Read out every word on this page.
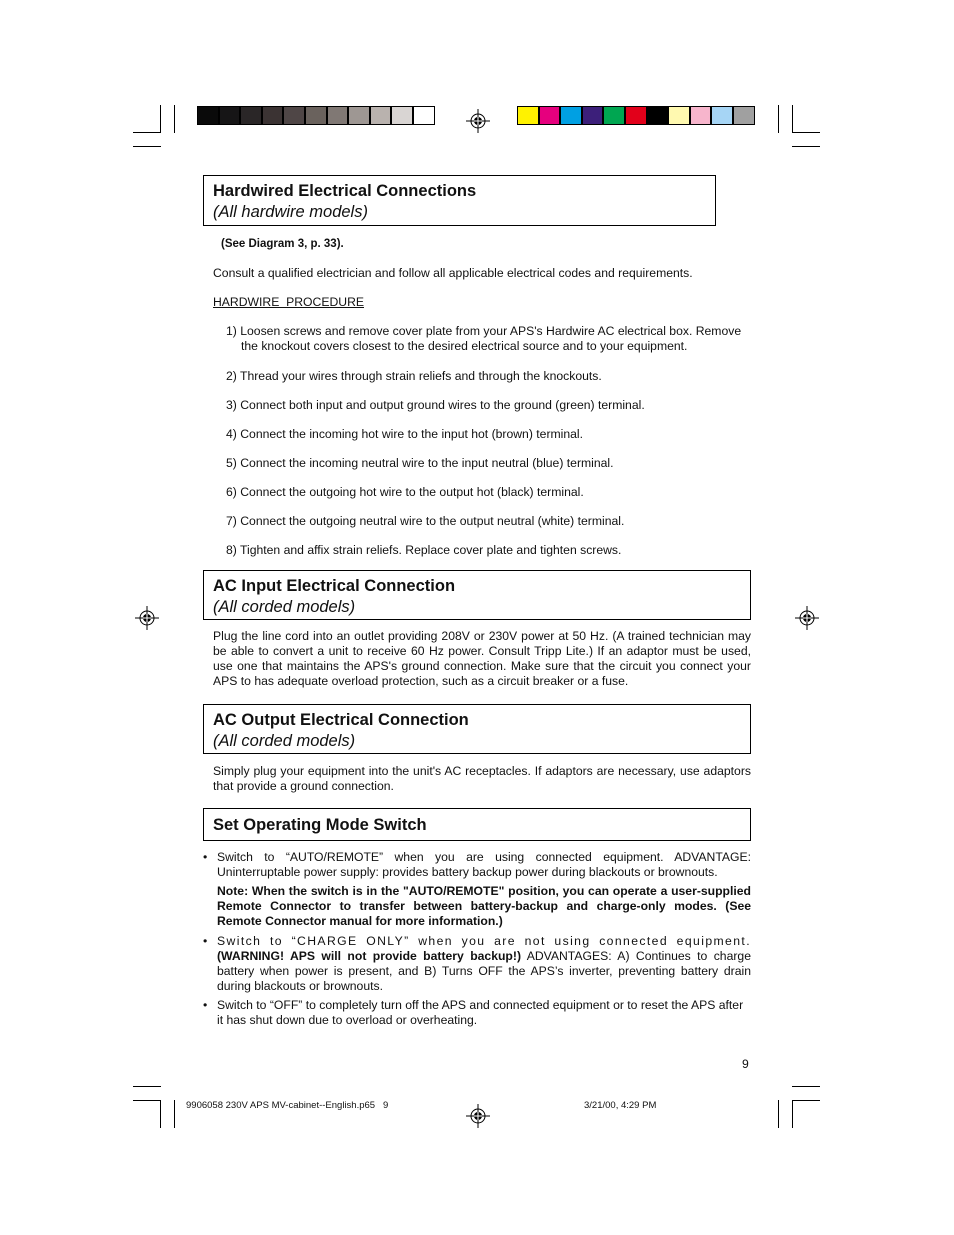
Hardwired Electrical Connections
(All hardwire models)
(See Diagram 3, p. 33).
Consult a qualified electrician and follow all applicable electrical codes and requirements.
HARDWIRE  PROCEDURE
1) Loosen screws and remove cover plate from your APS's Hardwire AC electrical box. Remove
the knockout covers closest to the desired electrical source and to your equipment.
2) Thread your wires through strain reliefs and through the knockouts.
3) Connect both input and output ground wires to the ground (green) terminal.
4) Connect the incoming hot wire to the input hot (brown) terminal.
5) Connect the incoming neutral wire to the input neutral (blue) terminal.
6) Connect the outgoing hot wire to the output hot (black) terminal.
7) Connect the outgoing neutral wire to the output neutral (white) terminal.
8) Tighten and affix strain reliefs. Replace cover plate and tighten screws.
AC Input Electrical Connection
(All corded models)
Plug the line cord into an outlet providing 208V or 230V power at 50 Hz. (A trained technician may be able to convert a unit to receive 60 Hz power. Consult Tripp Lite.) If an adaptor must be used, use one that maintains the APS's ground connection. Make sure that the circuit you connect your APS to has adequate overload protection, such as a circuit breaker or a fuse.
AC Output Electrical Connection
(All corded models)
Simply plug your equipment into the unit's AC receptacles. If adaptors are necessary, use adaptors that provide a ground connection.
Set Operating Mode Switch
• Switch to “AUTO/REMOTE” when you are using connected equipment. ADVANTAGE: Uninterruptable power supply: provides battery backup power during blackouts or brownouts.
Note: When the switch is in the "AUTO/REMOTE" position, you can operate a user-supplied Remote Connector to transfer between battery-backup and charge-only modes. (See Remote Connector manual for more information.)
• Switch to “CHARGE ONLY” when you are not using connected equipment. (WARNING! APS will not provide battery backup!) ADVANTAGES: A) Continues to charge battery when power is present, and B) Turns OFF the APS’s inverter, preventing battery drain during blackouts or brownouts.
• Switch to “OFF” to completely turn off the APS and connected equipment or to reset the APS after it has shut down due to overload or overheating.
9
9906058 230V APS MV-cabinet--English.p65   9	3/21/00, 4:29 PM
